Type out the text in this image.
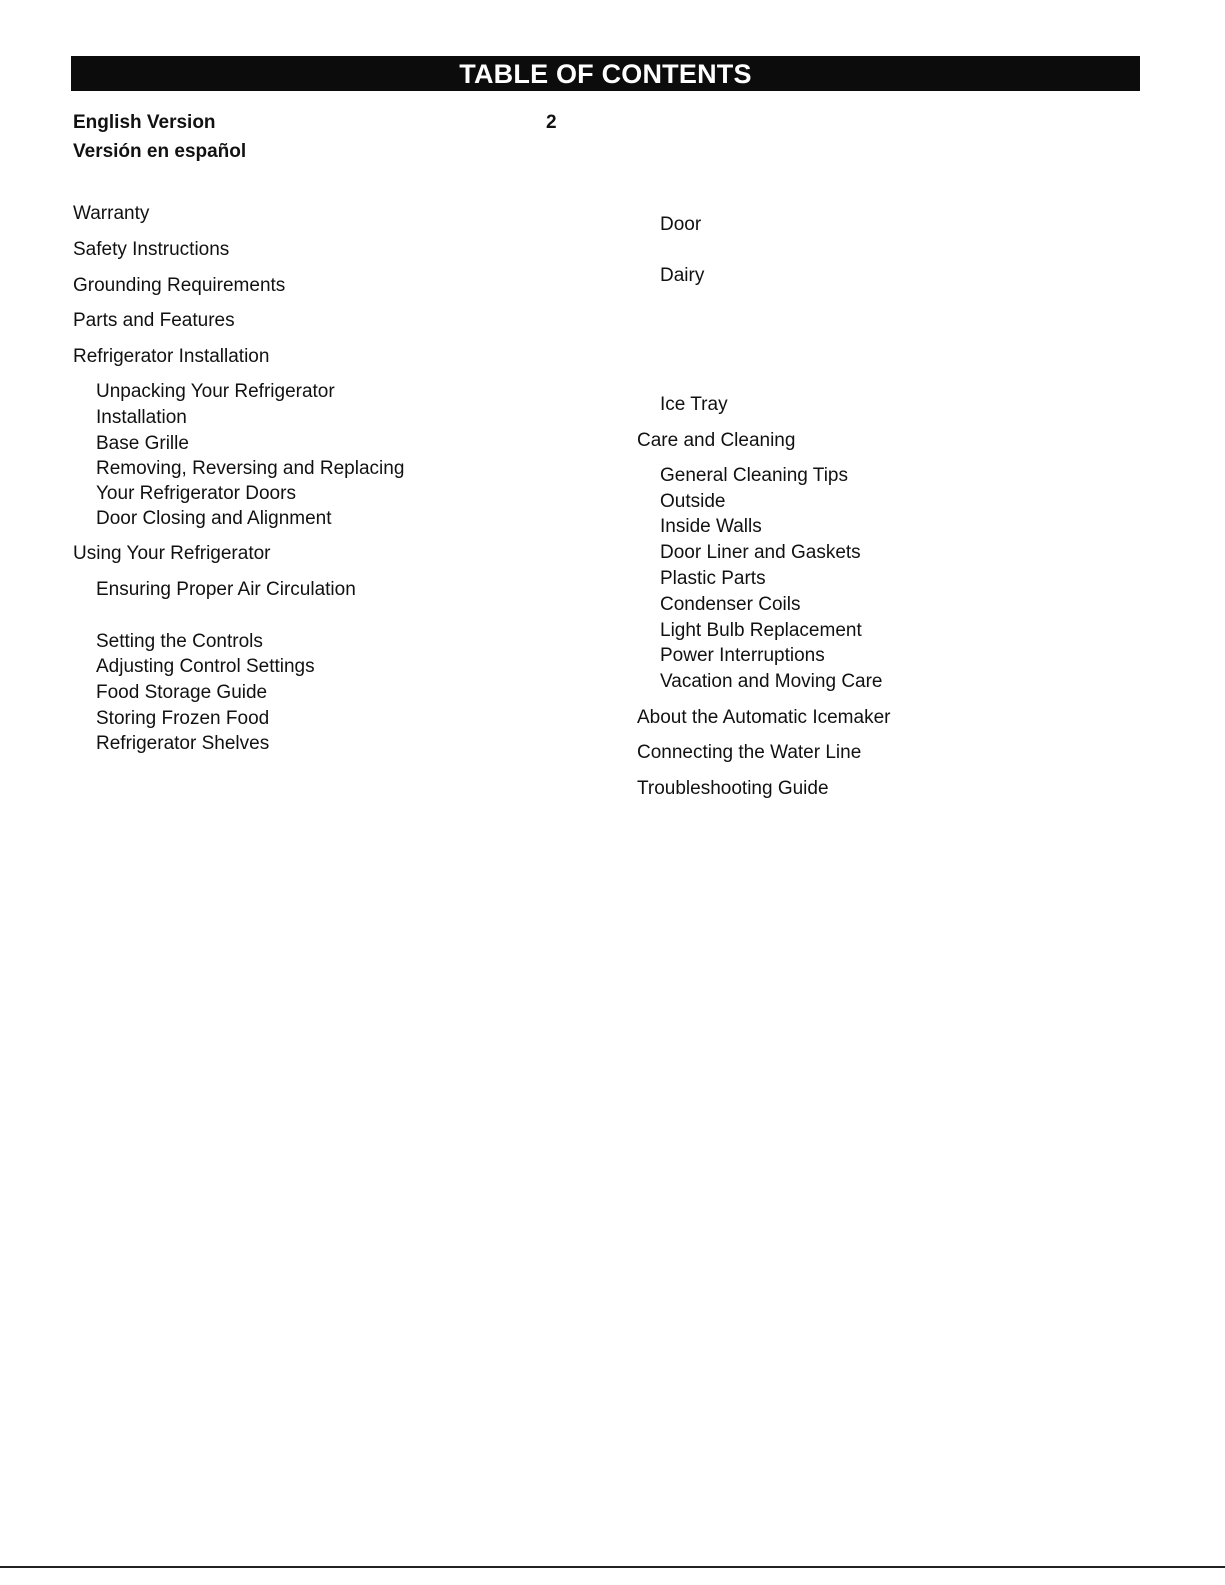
TABLE OF CONTENTS
English Version	2
Versión en español
Warranty
Safety Instructions
Grounding Requirements
Parts and Features
Refrigerator Installation
Unpacking Your Refrigerator
Installation
Base Grille
Removing, Reversing and Replacing
Your Refrigerator Doors
Door Closing and Alignment
Using Your Refrigerator
Ensuring Proper Air Circulation
Setting the Controls
Adjusting Control Settings
Food Storage Guide
Storing Frozen Food
Refrigerator Shelves
Door
Dairy
Ice Tray
Care and Cleaning
General Cleaning Tips
Outside
Inside Walls
Door Liner and Gaskets
Plastic Parts
Condenser Coils
Light Bulb Replacement
Power Interruptions
Vacation and Moving Care
About the Automatic Icemaker
Connecting the Water Line
Troubleshooting Guide
